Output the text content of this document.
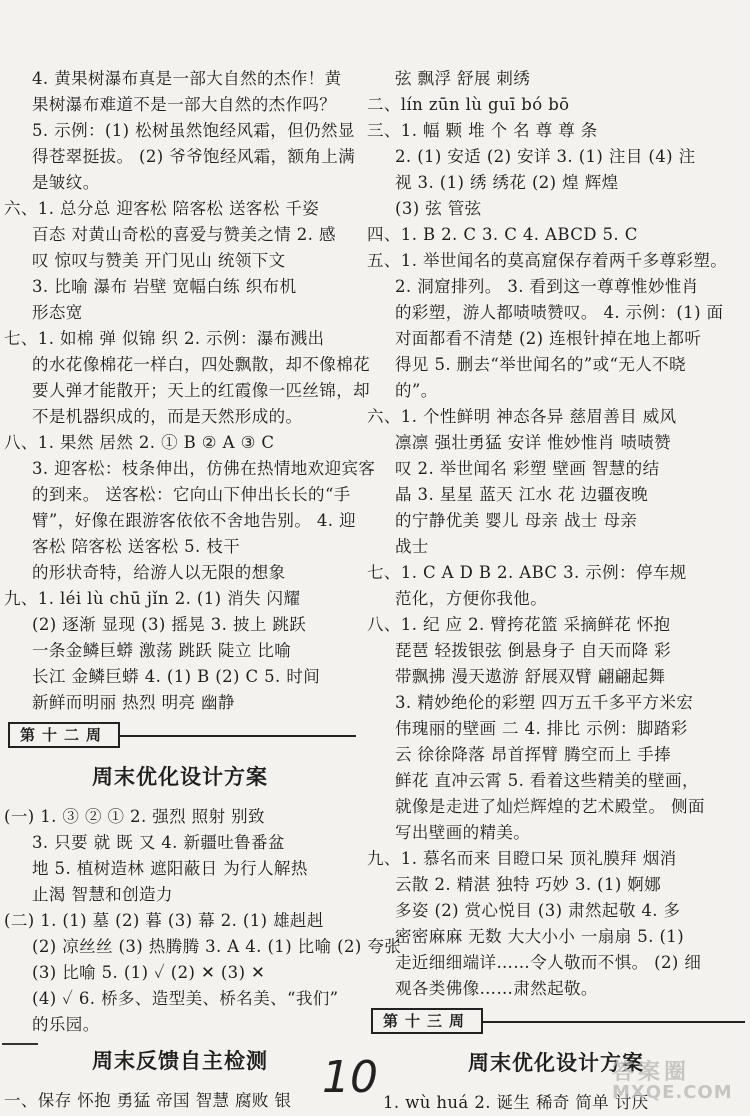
4. 黄果树瀑布真是一部大自然的杰作！黄

果树瀑布难道不是一部大自然的杰作吗？

5. 示例：(1) 松树虽然饱经风霜，但仍然显

得苍翠挺拔。 (2) 爷爷饱经风霜，额角上满

是皱纹。

六、1. 总分总 迎客松 陪客松 送客松 千姿

百态 对黄山奇松的喜爱与赞美之情 2. 感

叹 惊叹与赞美 开门见山 统领下文

3. 比喻 瀑布 岩壁 宽幅白练 织布机

形态宽

七、1. 如棉 弹 似锦 织 2. 示例：瀑布溅出

的水花像棉花一样白，四处飘散，却不像棉花

要人弹才能散开；天上的红霞像一匹丝锦，却

不是机器织成的，而是天然形成的。

八、1. 果然 居然 2. ① B ② A ③ C

3. 迎客松：枝条伸出，仿佛在热情地欢迎宾客

的到来。 送客松：它向山下伸出长长的“手

臂”，好像在跟游客依依不舍地告别。 4. 迎

客松 陪客松 送客松 5. 枝干

的形状奇特，给游人以无限的想象

九、1. léi lù chū jǐn 2. (1) 消失 闪耀

(2) 逐渐 显现 (3) 摇晃 3. 披上 跳跃

一条金鳞巨蟒 激荡 跳跃 陡立 比喻

长江 金鳞巨蟒 4. (1) B (2) C 5. 时间

新鲜而明丽 热烈 明亮 幽静

第十二周
周末优化设计方案

(一) 1. ③ ② ① 2. 强烈 照射 别致

3. 只要 就 既 又 4. 新疆吐鲁番盆

地 5. 植树造林 遮阳蔽日 为行人解热

止渴 智慧和创造力

(二) 1. (1) 墓 (2) 暮 (3) 幕 2. (1) 雄赳赳

(2) 凉丝丝 (3) 热腾腾 3. A 4. (1) 比喻 (2) 夸张

(3) 比喻 5. (1) ✓ (2) ✕ (3) ✕

(4) ✓ 6. 桥多、造型美、桥名美、“我们”

的乐园。

周末反馈自主检测

一、保存 怀抱 勇猛 帝国 智慧 腐败 银

弦 飘浮 舒展 刺绣

二、lín zūn lù guī bó bō

三、1. 幅 颗 堆 个 名 尊 尊 条

2. (1) 安适 (2) 安详 3. (1) 注目 (4) 注

视 3. (1) 绣 绣花 (2) 煌 辉煌

(3) 弦 管弦

四、1. B 2. C 3. C 4. ABCD 5. C

五、1. 举世闻名的莫高窟保存着两千多尊彩塑。

2. 洞窟排列。 3. 看到这一尊尊惟妙惟肖

的彩塑，游人都啧啧赞叹。 4. 示例：(1) 面

对面都看不清楚 (2) 连根针掉在地上都听

得见 5. 删去“举世闻名的”或“无人不晓

的”。

六、1. 个性鲜明 神态各异 慈眉善目 威风

凛凛 强壮勇猛 安详 惟妙惟肖 啧啧赞

叹 2. 举世闻名 彩塑 壁画 智慧的结

晶 3. 星星 蓝天 江水 花 边疆夜晚

的宁静优美 婴儿 母亲 战士 母亲

战士

七、1. C A D B 2. ABC 3. 示例：停车规

范化，方便你我他。

八、1. 纪 应 2. 臂挎花篮 采摘鲜花 怀抱

琵琶 轻拨银弦 倒悬身子 自天而降 彩

带飘拂 漫天遨游 舒展双臂 翩翩起舞

3. 精妙绝伦的彩塑 四万五千多平方米宏

伟瑰丽的壁画 二 4. 排比 示例：脚踏彩

云 徐徐降落 昂首挥臂 腾空而上 手捧

鲜花 直冲云霄 5. 看着这些精美的壁画，

就像是走进了灿烂辉煌的艺术殿堂。 侧面

写出壁画的精美。

九、1. 慕名而来 目瞪口呆 顶礼膜拜 烟消

云散 2. 精湛 独特 巧妙 3. (1) 婀娜

多姿 (2) 赏心悦目 (3) 肃然起敬 4. 多

密密麻麻 无数 大大小小 一扇扇 5. (1)

走近细细端详……令人敬而不惧。 (2) 细

观各类佛像……肃然起敬。

第十三周
周末优化设计方案

1. wù huá 2. 诞生 稀奇 简单 讨厌

10	答案圈
MXQE.COM
